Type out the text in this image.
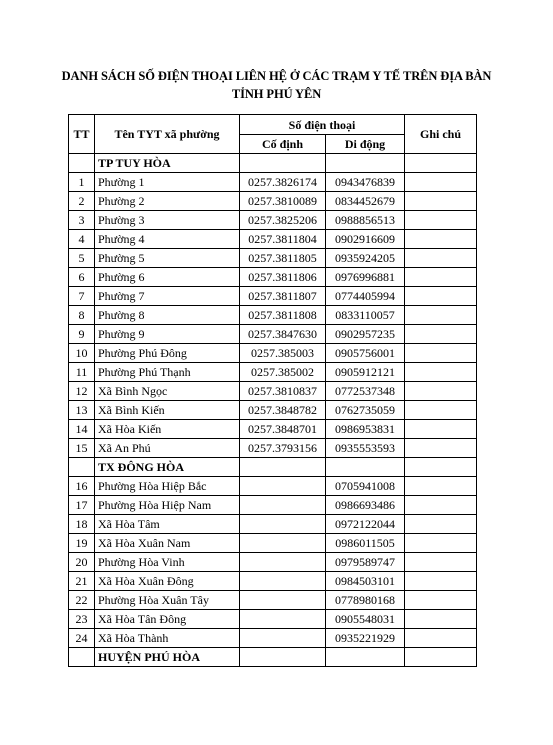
DANH SÁCH SỐ ĐIỆN THOẠI LIÊN HỆ Ở CÁC TRẠM Y TẾ TRÊN ĐỊA BÀN
TỈNH PHÚ YÊN
TT	Tên TYT xã phường	Số điện thoại		Ghi chú
		Cố định	Di động	
	TP TUY HÒA			
1	Phường 1	0257.3826174	0943476839	
2	Phường 2	0257.3810089	0834452679	
3	Phường 3	0257.3825206	0988856513	
4	Phường 4	0257.3811804	0902916609	
5	Phường 5	0257.3811805	0935924205	
6	Phường 6	0257.3811806	0976996881	
7	Phường 7	0257.3811807	0774405994	
8	Phường 8	0257.3811808	0833110057	
9	Phường 9	0257.3847630	0902957235	
10	Phường Phú Đông	0257.385003	0905756001	
11	Phường Phú Thạnh	0257.385002	0905912121	
12	Xã Bình Ngọc	0257.3810837	0772537348	
13	Xã Bình Kiến	0257.3848782	0762735059	
14	Xã Hòa Kiến	0257.3848701	0986953831	
15	Xã An Phú	0257.3793156	0935553593	
	TX ĐÔNG HÒA			
16	Phường Hòa Hiệp Bắc		0705941008	
17	Phường Hòa Hiệp Nam		0986693486	
18	Xã Hòa Tâm		0972122044	
19	Xã Hòa Xuân Nam		0986011505	
20	Phường Hòa Vinh		0979589747	
21	Xã Hòa Xuân Đông		0984503101	
22	Phường Hòa Xuân Tây		0778980168	
23	Xã Hòa Tân Đông		0905548031	
24	Xã Hòa Thành		0935221929	
	HUYỆN PHÚ HÒA			
